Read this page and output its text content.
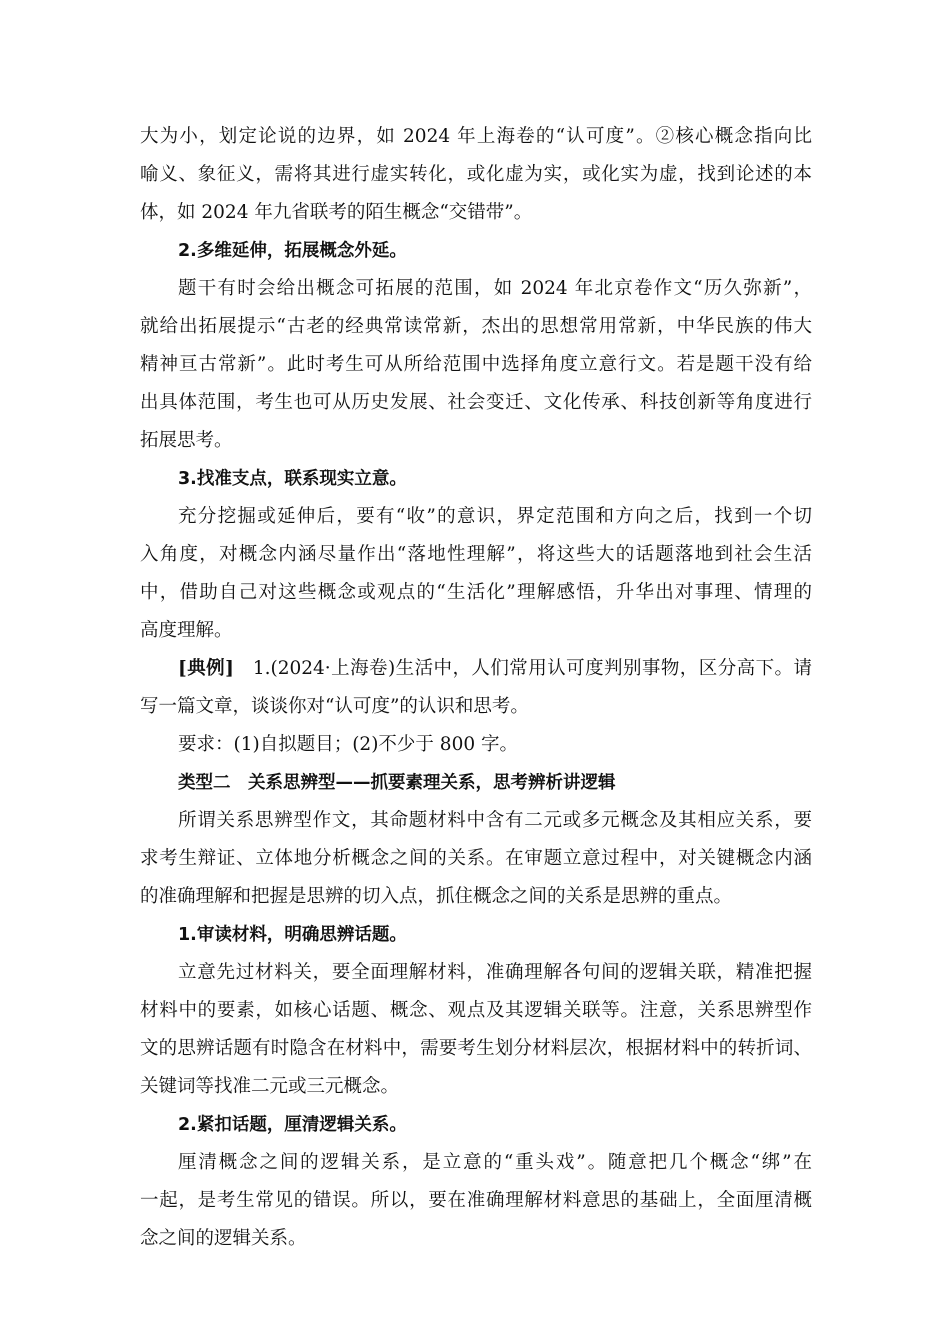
大为小，划定论说的边界，如 2024 年上海卷的“认可度”。②核心概念指向比

喻义、象征义，需将其进行虚实转化，或化虚为实，或化实为虚，找到论述的本

体，如 2024 年九省联考的陌生概念“交错带”。

2.多维延伸，拓展概念外延。

题干有时会给出概念可拓展的范围，如 2024 年北京卷作文“历久弥新”，

就给出拓展提示“古老的经典常读常新，杰出的思想常用常新，中华民族的伟大

精神亘古常新”。此时考生可从所给范围中选择角度立意行文。若是题干没有给

出具体范围，考生也可从历史发展、社会变迁、文化传承、科技创新等角度进行

拓展思考。

3.找准支点，联系现实立意。

充分挖掘或延伸后，要有“收”的意识，界定范围和方向之后，找到一个切

入角度，对概念内涵尽量作出“落地性理解”，将这些大的话题落地到社会生活

中，借助自己对这些概念或观点的“生活化”理解感悟，升华出对事理、情理的

高度理解。

[典例] 1.(2024·上海卷)生活中，人们常用认可度判别事物，区分高下。请

写一篇文章，谈谈你对“认可度”的认识和思考。

要求：(1)自拟题目；(2)不少于 800 字。

类型二　关系思辨型——抓要素理关系，思考辨析讲逻辑

所谓关系思辨型作文，其命题材料中含有二元或多元概念及其相应关系，要

求考生辩证、立体地分析概念之间的关系。在审题立意过程中，对关键概念内涵

的准确理解和把握是思辨的切入点，抓住概念之间的关系是思辨的重点。

1.审读材料，明确思辨话题。

立意先过材料关，要全面理解材料，准确理解各句间的逻辑关联，精准把握

材料中的要素，如核心话题、概念、观点及其逻辑关联等。注意，关系思辨型作

文的思辨话题有时隐含在材料中，需要考生划分材料层次，根据材料中的转折词、

关键词等找准二元或三元概念。

2.紧扣话题，厘清逻辑关系。

厘清概念之间的逻辑关系，是立意的“重头戏”。随意把几个概念“绑”在

一起，是考生常见的错误。所以，要在准确理解材料意思的基础上，全面厘清概

念之间的逻辑关系。
